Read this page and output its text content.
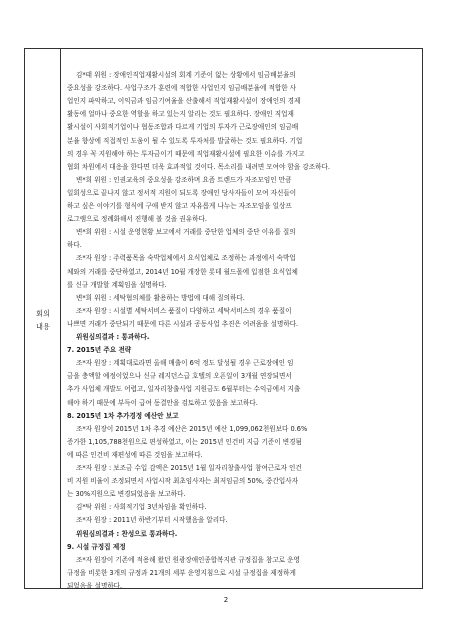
회의
내용
김*태 위원 : 장애인직업재활시설의 회계 기준이 없는 상황에서 임금배분율의
중요성을 강조하다. 사업구조가 훈련에 적합한 사업인지 임금배분율에 적합한 사
업인지 파악하고, 이익금과 임금기여율을 산출해서 직업재활시설이 장애인의 경제
활동에 얼마나 중요한 역할을 하고 있는지 알리는 것도 필요하다. 장애인 직업재
활시설이 사회적기업이나 협동조합과 다르게 기업의 투자가 근로장애인의 임금배
분율 향상에 직접적인 도움이 될 수 있도록 투자처를 발굴하는 것도 필요하다. 기업
의 경우 꼭 지원해야 하는 투자금이기 때문에 직업재활시설에 필요한 이슈를 가지고
협회 차원에서 대응을 한다면 더욱 효과적일 것이다. 목소리를 내려면 모여야 함을 강조하다.
변*희 위원 : 인권교육의 중요성을 강조하며 요즘 트렌드가 자조모임인 만큼
일회성으로 끝나지 않고 정서적 지원이 되도록 장애인 당사자들이 모여 자신들이
하고 싶은 이야기를 형식에 구애 받지 않고 자유롭게 나누는 자조모임을 일상프
로그램으로 정례화해서 진행해 볼 것을 권유하다.
변*희 위원 : 시설 운영현황 보고에서 거래를 중단한 업체의 중단 이유를 질의
하다.
조*자 원장 : 주력품목을 숙박업체에서 요식업체로 조정하는 과정에서 숙박업
체와의 거래를 중단하였고, 2014년 10월 개장한 롯데 월드몰에 입점한 요식업체
를 신규 개발할 계획임을 설명하다.
변*희 위원 : 세탁협의체를 활용하는 방법에 대해 질의하다.
조*자 원장 : 시설별 세탁서비스 품질이 다양하고 세탁서비스의 경우 품질이
나쁘면 거래가 중단되기 때문에 다른 시설과 공동사업 추진은 어려움을 설명하다.
위원심의결과 : 통과하다.
7. 2015년 주요 전략
조*자 원장 : 계획대로라면 올해 매출이 6억 정도 달성될 경우 근로장애인 임
금을 충액할 예정이었으나 신규 레지던스급 호텔의 오픈일이 3개월 연장되면서
추가 사업체 개발도 어렵고, 일자리창출사업 지원금도 6월부터는 수익금에서 지출
해야 하기 때문에 부득이 급여 동결안을 검토하고 있음을 보고하다.
8. 2015년 1차 추가경정 예산안 보고
조*자 원장이 2015년 1차 추경 예산은 2015년 예산 1,099,062천원보다 0.6%
증가한 1,105,788천원으로 편성하였고, 이는 2015년 인건비 지급 기준이 변경됨
에 따른 인건비 재편성에 따른 것임을 보고하다.
조*자 원장 : 보조금 수입 감액은 2015년 1월 일자리창출사업 참여근로자 인건
비 지원 비율이 조정되면서 사업시작 최초임사자는 최저임금의 50%, 중간입사자
는 30%지원으로 변경되었음을 보고하다.
김*탁 위원 : 사회적기업 3년차임을 확인하다.
조*자 원장 : 2011년 하반기부터 시작했음을 알리다.
위원심의결과 : 찬성으로 통과하다.
9. 시설 규정집 제정
조*자 원장이 기존에 적용해 왔던 원광장애인종합복지관 규정집을 참고로 운영
규정을 비롯한 3개의 규정과 21개의 세부 운영지침으로 시설 규정집을 제정하게
되었음을 설명하다.
2
